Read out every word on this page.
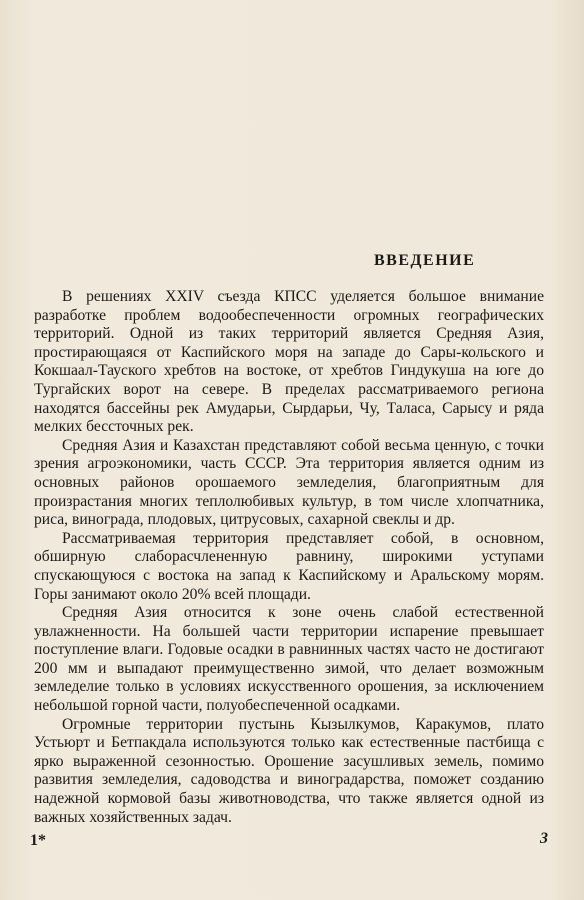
ВВЕДЕНИЕ

В решениях XXIV съезда КПСС уделяется большое внимание разработке проблем водообеспеченности огромных географических территорий. Одной из таких территорий является Средняя Азия, простирающаяся от Каспийского моря на западе до Сары-кольского и Кокшаал-Тауского хребтов на востоке, от хребтов Гиндукуша на юге до Тургайских ворот на севере. В пределах рассматриваемого региона находятся бассейны рек Амударьи, Сырдарьи, Чу, Таласа, Сарысу и ряда мелких бессточных рек.

Средняя Азия и Казахстан представляют собой весьма ценную, с точки зрения агроэкономики, часть СССР. Эта территория является одним из основных районов орошаемого земледелия, благоприятным для произрастания многих теплолюбивых культур, в том числе хлопчатника, риса, винограда, плодовых, цитрусовых, сахарной свеклы и др.

Рассматриваемая территория представляет собой, в основном, обширную слаборасчлененную равнину, широкими уступами спускающуюся с востока на запад к Каспийскому и Аральскому морям. Горы занимают около 20% всей площади.

Средняя Азия относится к зоне очень слабой естественной увлажненности. На большей части территории испарение превышает поступление влаги. Годовые осадки в равнинных частях часто не достигают 200 мм и выпадают преимущественно зимой, что делает возможным земледелие только в условиях искусственного орошения, за исключением небольшой горной части, полуобеспеченной осадками.

Огромные территории пустынь Кызылкумов, Каракумов, плато Устьюрт и Бетпакдала используются только как естественные пастбища с ярко выраженной сезонностью. Орошение засушливых земель, помимо развития земледелия, садоводства и виноградарства, поможет созданию надежной кормовой базы животноводства, что также является одной из важных хозяйственных задач.

1*	3
